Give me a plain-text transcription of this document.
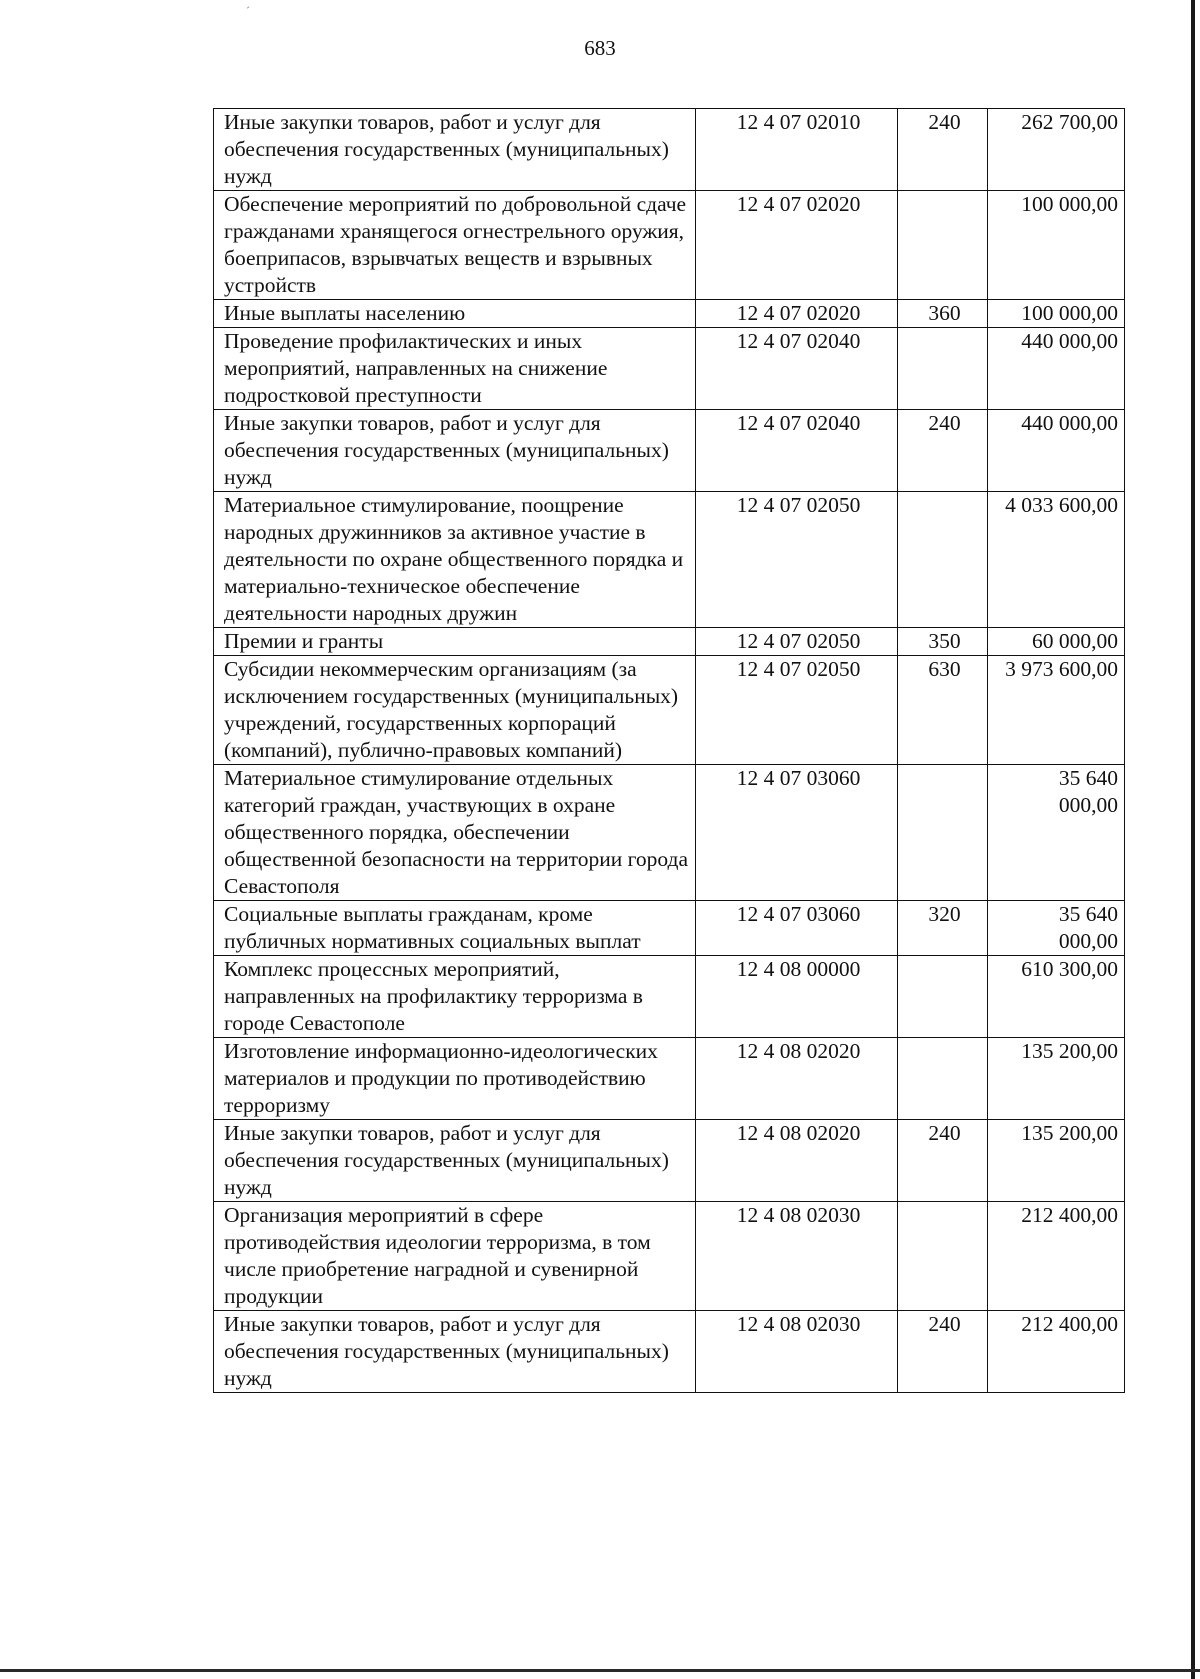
´
683
Иные закупки товаров, работ и услуг для обеспечения государственных (муниципальных) нужд	12 4 07 02010	240	262 700,00
Обеспечение мероприятий по добровольной сдаче гражданами хранящегося огнестрельного оружия, боеприпасов, взрывчатых веществ и взрывных устройств	12 4 07 02020		100 000,00
Иные выплаты населению	12 4 07 02020	360	100 000,00
Проведение профилактических и иных мероприятий, направленных на снижение подростковой преступности	12 4 07 02040		440 000,00
Иные закупки товаров, работ и услуг для обеспечения государственных (муниципальных) нужд	12 4 07 02040	240	440 000,00
Материальное стимулирование, поощрение народных дружинников за активное участие в деятельности по охране общественного порядка и материально-техническое обеспечение деятельности народных дружин	12 4 07 02050		4 033 600,00
Премии и гранты	12 4 07 02050	350	60 000,00
Субсидии некоммерческим организациям (за исключением государственных (муниципальных) учреждений, государственных корпораций (компаний), публично-правовых компаний)	12 4 07 02050	630	3 973 600,00
Материальное стимулирование отдельных категорий граждан, участвующих в охране общественного порядка, обеспечении общественной безопасности на территории города Севастополя	12 4 07 03060		35 640 000,00
Социальные выплаты гражданам, кроме публичных нормативных социальных выплат	12 4 07 03060	320	35 640 000,00
Комплекс процессных мероприятий, направленных на профилактику терроризма в городе Севастополе	12 4 08 00000		610 300,00
Изготовление информационно-идеологических материалов и продукции по противодействию терроризму	12 4 08 02020		135 200,00
Иные закупки товаров, работ и услуг для обеспечения государственных (муниципальных) нужд	12 4 08 02020	240	135 200,00
Организация мероприятий в сфере противодействия идеологии терроризма, в том числе приобретение наградной и сувенирной продукции	12 4 08 02030		212 400,00
Иные закупки товаров, работ и услуг для обеспечения государственных (муниципальных) нужд	12 4 08 02030	240	212 400,00
